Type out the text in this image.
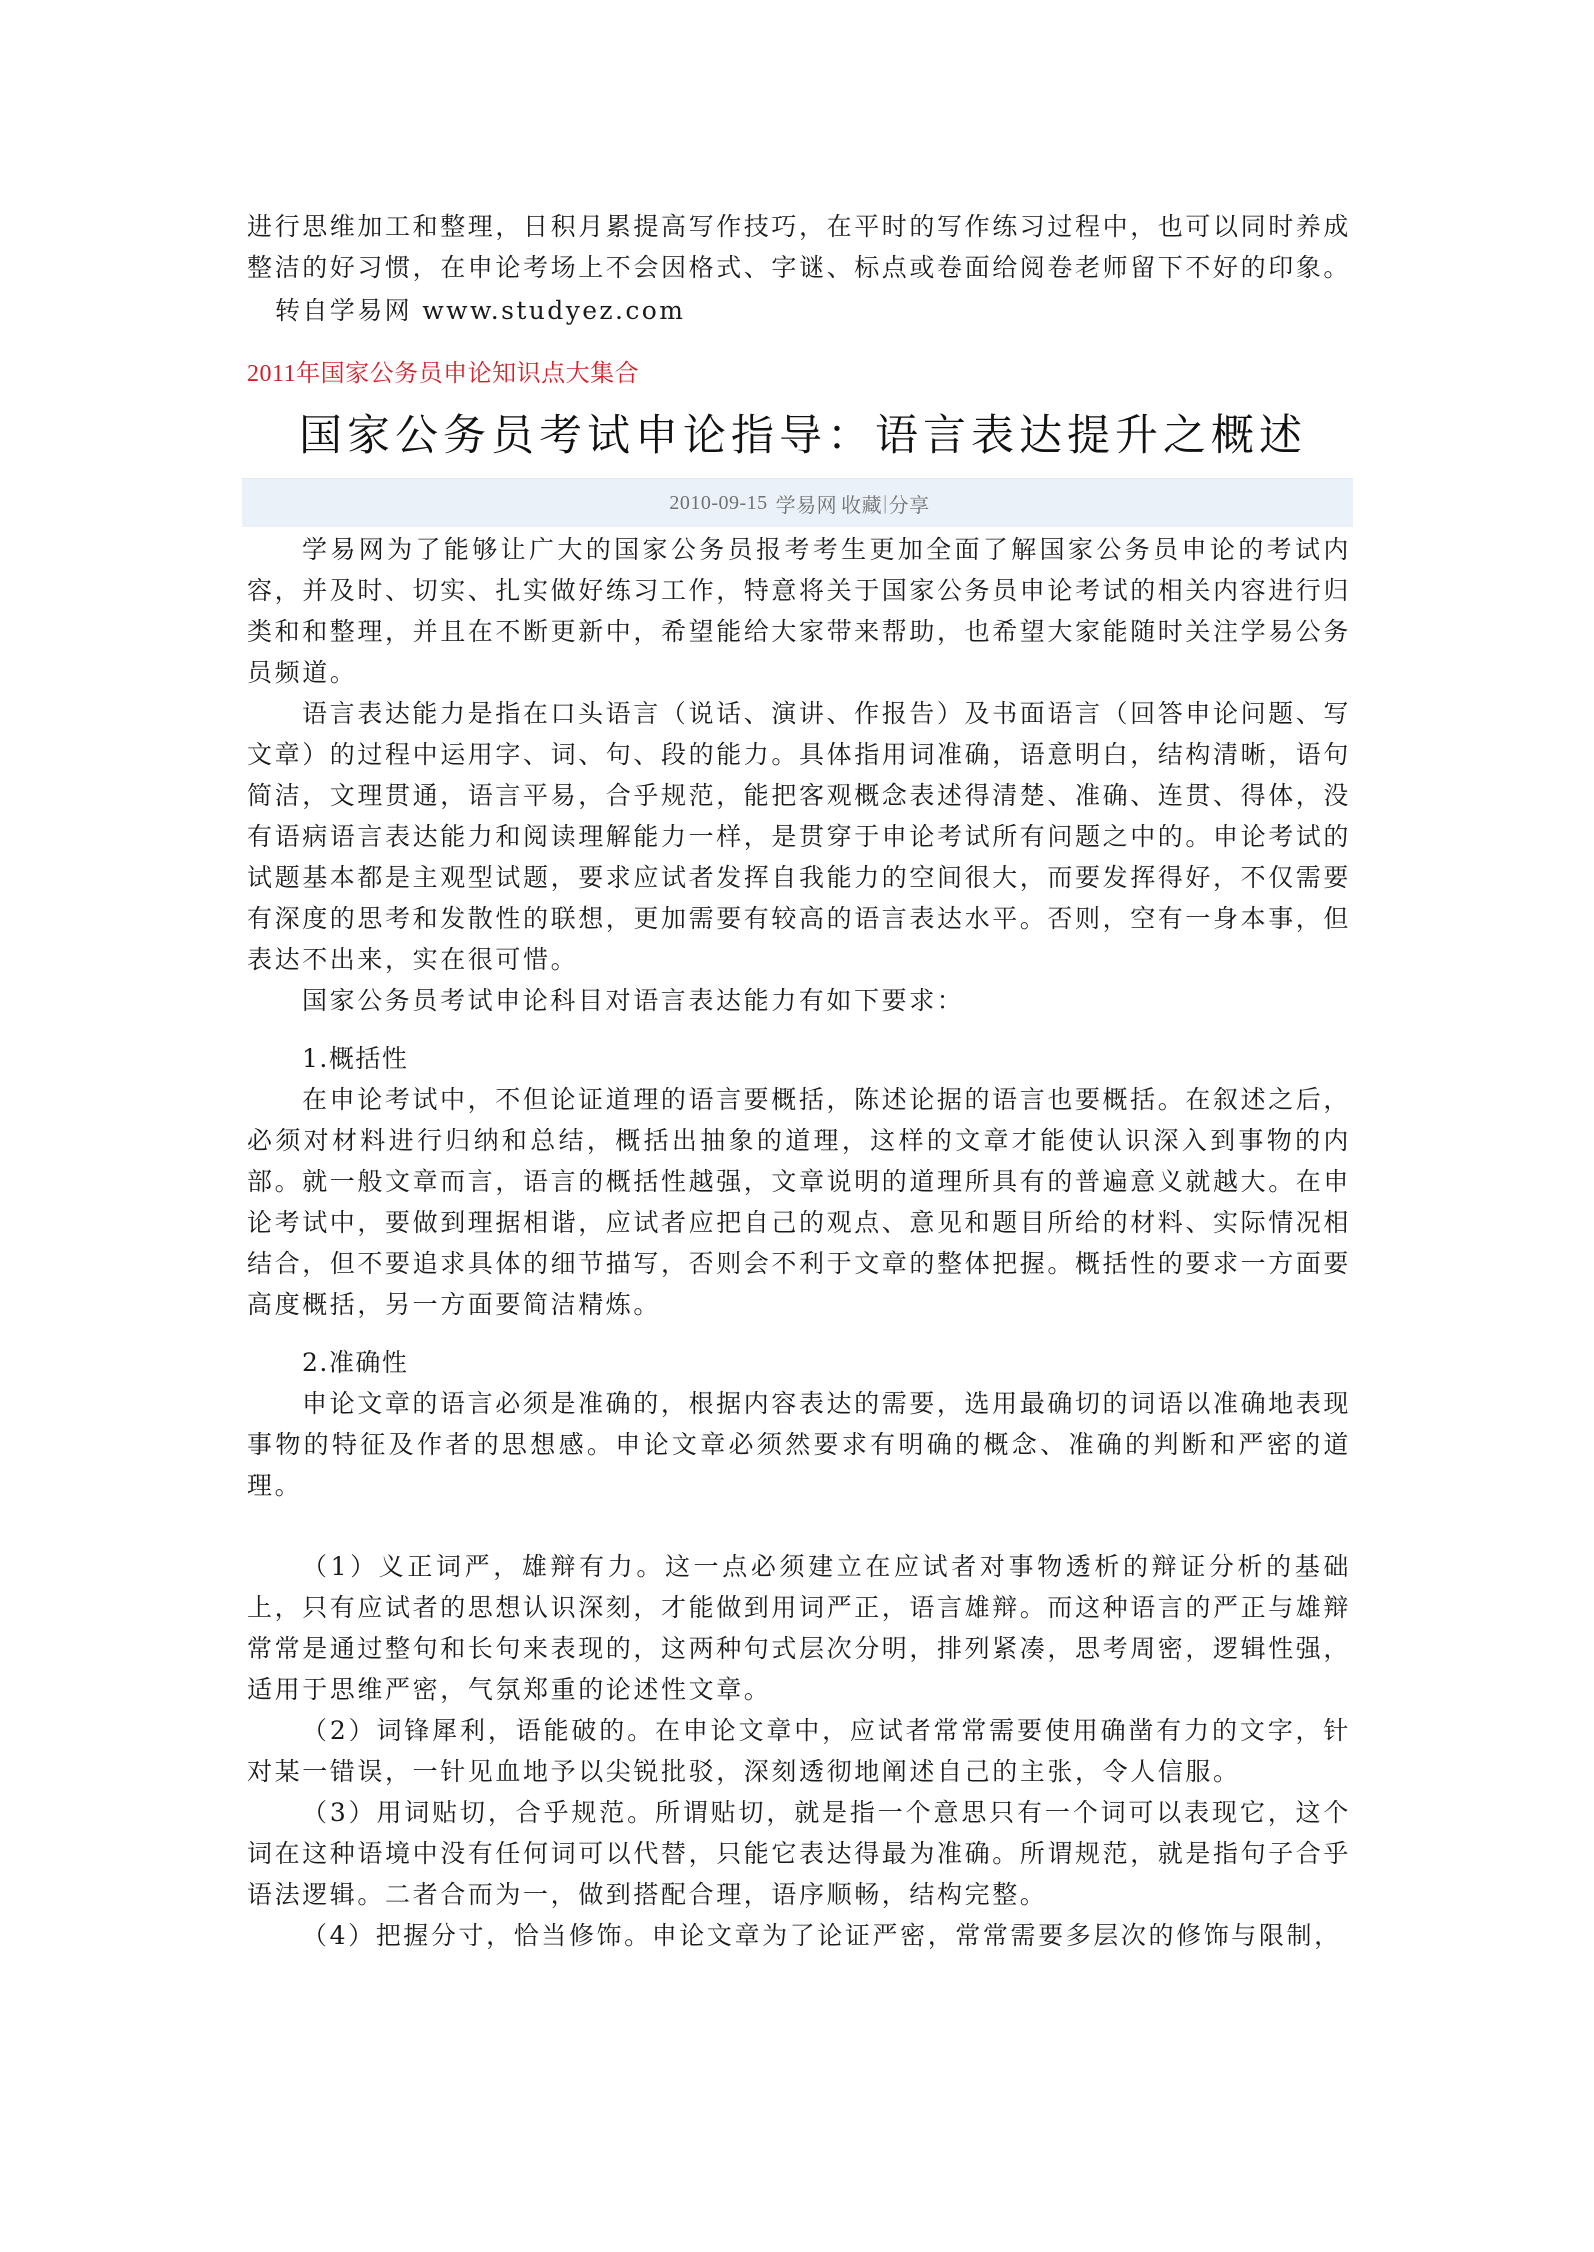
进行思维加工和整理，日积月累提高写作技巧，在平时的写作练习过程中，也可以同时养成整洁的好习惯，在申论考场上不会因格式、字谜、标点或卷面给阅卷老师留下不好的印象。

转自学易网 www.studyez.com

2011年国家公务员申论知识点大集合
国家公务员考试申论指导：语言表达提升之概述
2010-09-15 学易网 收藏 | 分享

学易网为了能够让广大的国家公务员报考考生更加全面了解国家公务员申论的考试内容，并及时、切实、扎实做好练习工作，特意将关于国家公务员申论考试的相关内容进行归类和和整理，并且在不断更新中，希望能给大家带来帮助，也希望大家能随时关注学易公务员频道。

语言表达能力是指在口头语言（说话、演讲、作报告）及书面语言（回答申论问题、写文章）的过程中运用字、词、句、段的能力。具体指用词准确，语意明白，结构清晰，语句简洁，文理贯通，语言平易，合乎规范，能把客观概念表述得清楚、准确、连贯、得体，没有语病语言表达能力和阅读理解能力一样，是贯穿于申论考试所有问题之中的。申论考试的试题基本都是主观型试题，要求应试者发挥自我能力的空间很大，而要发挥得好，不仅需要有深度的思考和发散性的联想，更加需要有较高的语言表达水平。否则，空有一身本事，但表达不出来，实在很可惜。

国家公务员考试申论科目对语言表达能力有如下要求：

1.概括性

在申论考试中，不但论证道理的语言要概括，陈述论据的语言也要概括。在叙述之后，必须对材料进行归纳和总结，概括出抽象的道理，这样的文章才能使认识深入到事物的内部。就一般文章而言，语言的概括性越强，文章说明的道理所具有的普遍意义就越大。在申论考试中，要做到理据相谐，应试者应把自己的观点、意见和题目所给的材料、实际情况相结合，但不要追求具体的细节描写，否则会不利于文章的整体把握。概括性的要求一方面要高度概括，另一方面要简洁精炼。

2.准确性

申论文章的语言必须是准确的，根据内容表达的需要，选用最确切的词语以准确地表现事物的特征及作者的思想感。申论文章必须然要求有明确的概念、准确的判断和严密的道理。

（1）义正词严，雄辩有力。这一点必须建立在应试者对事物透析的辩证分析的基础上，只有应试者的思想认识深刻，才能做到用词严正，语言雄辩。而这种语言的严正与雄辩常常是通过整句和长句来表现的，这两种句式层次分明，排列紧凑，思考周密，逻辑性强，适用于思维严密，气氛郑重的论述性文章。

（2）词锋犀利，语能破的。在申论文章中，应试者常常需要使用确凿有力的文字，针对某一错误，一针见血地予以尖锐批驳，深刻透彻地阐述自己的主张，令人信服。

（3）用词贴切，合乎规范。所谓贴切，就是指一个意思只有一个词可以表现它，这个词在这种语境中没有任何词可以代替，只能它表达得最为准确。所谓规范，就是指句子合乎语法逻辑。二者合而为一，做到搭配合理，语序顺畅，结构完整。

（4）把握分寸，恰当修饰。申论文章为了论证严密，常常需要多层次的修饰与限制，
